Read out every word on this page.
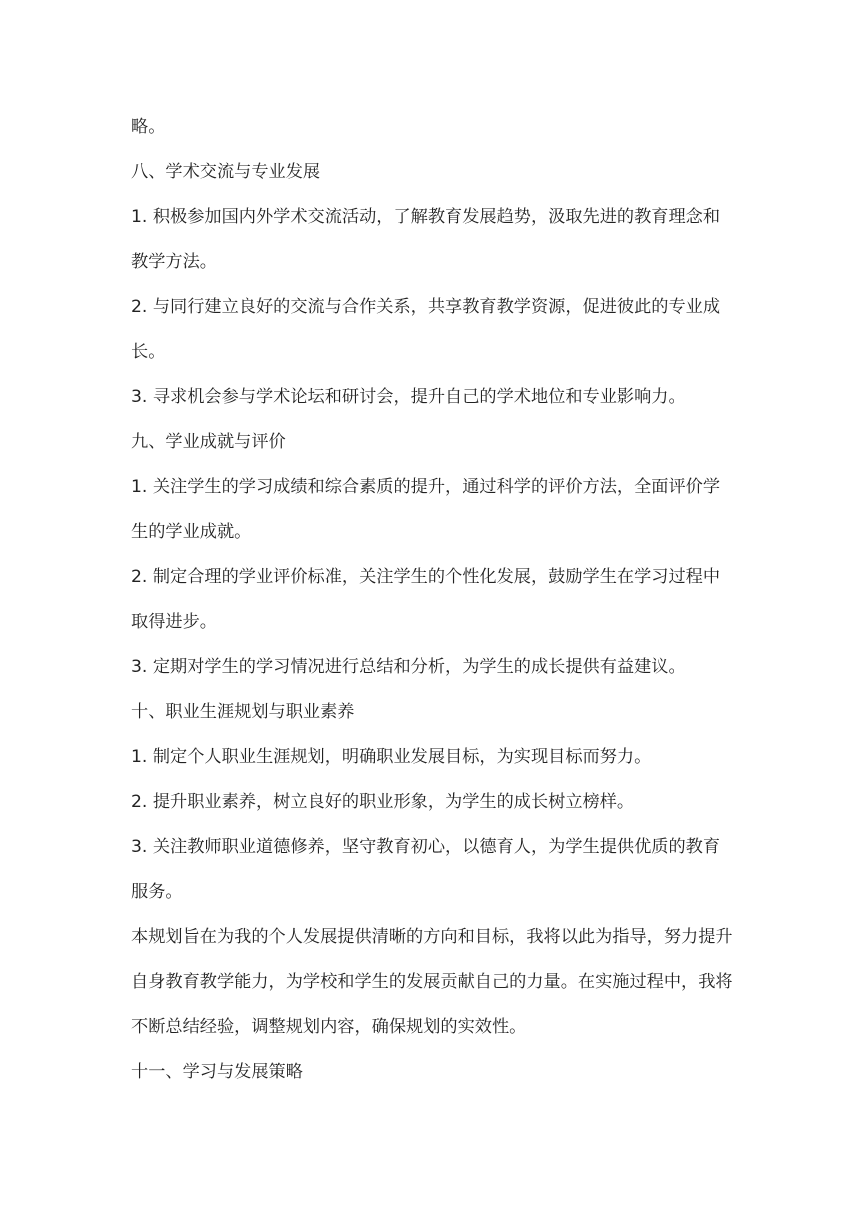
略。
八、学术交流与专业发展
1. 积极参加国内外学术交流活动，了解教育发展趋势，汲取先进的教育理念和
教学方法。
2. 与同行建立良好的交流与合作关系，共享教育教学资源，促进彼此的专业成
长。
3. 寻求机会参与学术论坛和研讨会，提升自己的学术地位和专业影响力。
九、学业成就与评价
1. 关注学生的学习成绩和综合素质的提升，通过科学的评价方法，全面评价学
生的学业成就。
2. 制定合理的学业评价标准，关注学生的个性化发展，鼓励学生在学习过程中
取得进步。
3. 定期对学生的学习情况进行总结和分析，为学生的成长提供有益建议。
十、职业生涯规划与职业素养
1. 制定个人职业生涯规划，明确职业发展目标，为实现目标而努力。
2. 提升职业素养，树立良好的职业形象，为学生的成长树立榜样。
3. 关注教师职业道德修养，坚守教育初心，以德育人，为学生提供优质的教育
服务。
本规划旨在为我的个人发展提供清晰的方向和目标，我将以此为指导，努力提升
自身教育教学能力，为学校和学生的发展贡献自己的力量。在实施过程中，我将
不断总结经验，调整规划内容，确保规划的实效性。
十一、学习与发展策略
